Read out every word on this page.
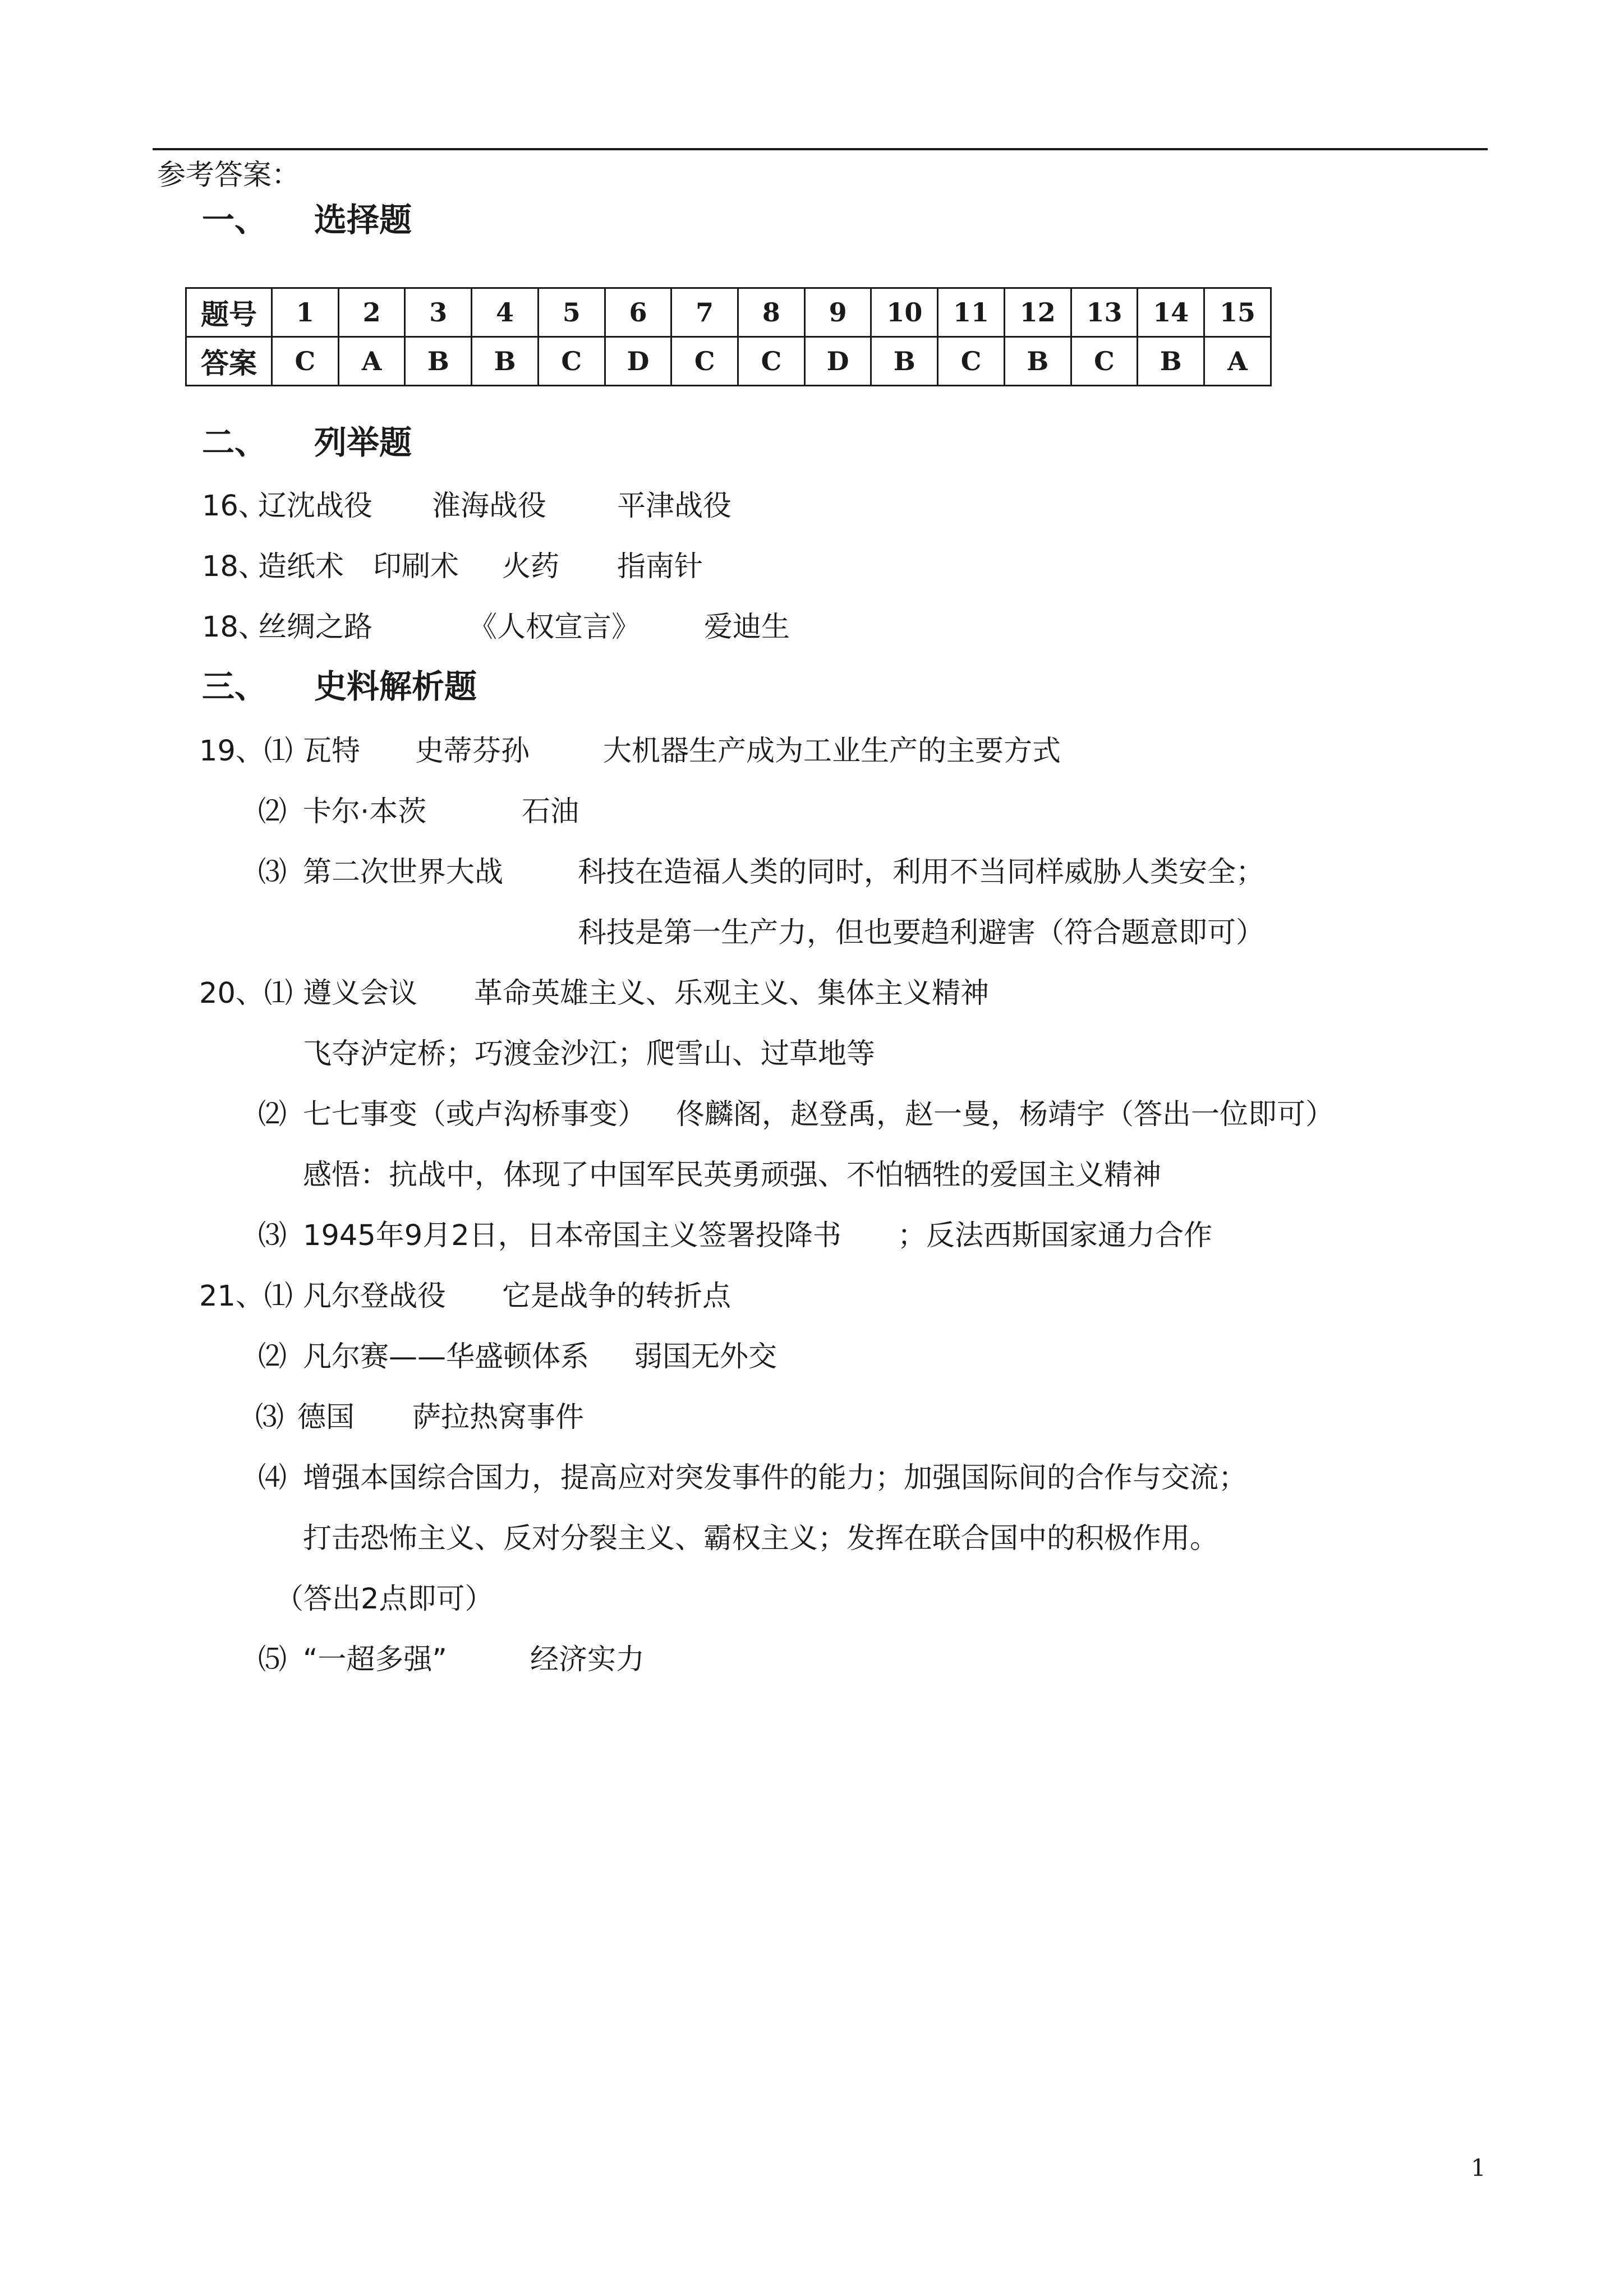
参考答案：
一、 选择题
题号	1	2	3	4	5	6	7	8	9	10	11	12	13	14	15
答案	C	A	B	B	C	D	C	C	D	B	C	B	C	B	A
二、 列举题
16、
辽沈战役 淮海战役 平津战役
18、
造纸术 印刷术 火药 指南针
18、
丝绸之路	《人权宣言》 爱迪生
三、 史料解析题
19、⑴ 瓦特 史蒂芬孙	大机器生产成为工业生产的主要方式
⑵ 卡尔·本茨	石油
⑶ 第二次世界大战	科技在造福人类的同时，利用不当同样威胁人类安全；
科技是第一生产力，但也要趋利避害（符合题意即可）
20、⑴ 遵义会议 革命英雄主义、乐观主义、集体主义精神
飞夺泸定桥；巧渡金沙江；爬雪山、过草地等
⑵ 七七事变（或卢沟桥事变） 佟麟阁，赵登禹，赵一曼，杨靖宇（答出一位即可）
感悟：抗战中，体现了中国军民英勇顽强、不怕牺牲的爱国主义精神
⑶ 1945年9月2日，日本帝国主义签署投降书 ；反法西斯国家通力合作
21、⑴ 凡尔登战役 它是战争的转折点
⑵ 凡尔赛——华盛顿体系 弱国无外交
⑶ 德国 萨拉热窝事件
⑷ 增强本国综合国力，提高应对突发事件的能力；加强国际间的合作与交流；
打击恐怖主义、反对分裂主义、霸权主义；发挥在联合国中的积极作用。
（答出2点即可）
⑸ “一超多强”	经济实力
1
